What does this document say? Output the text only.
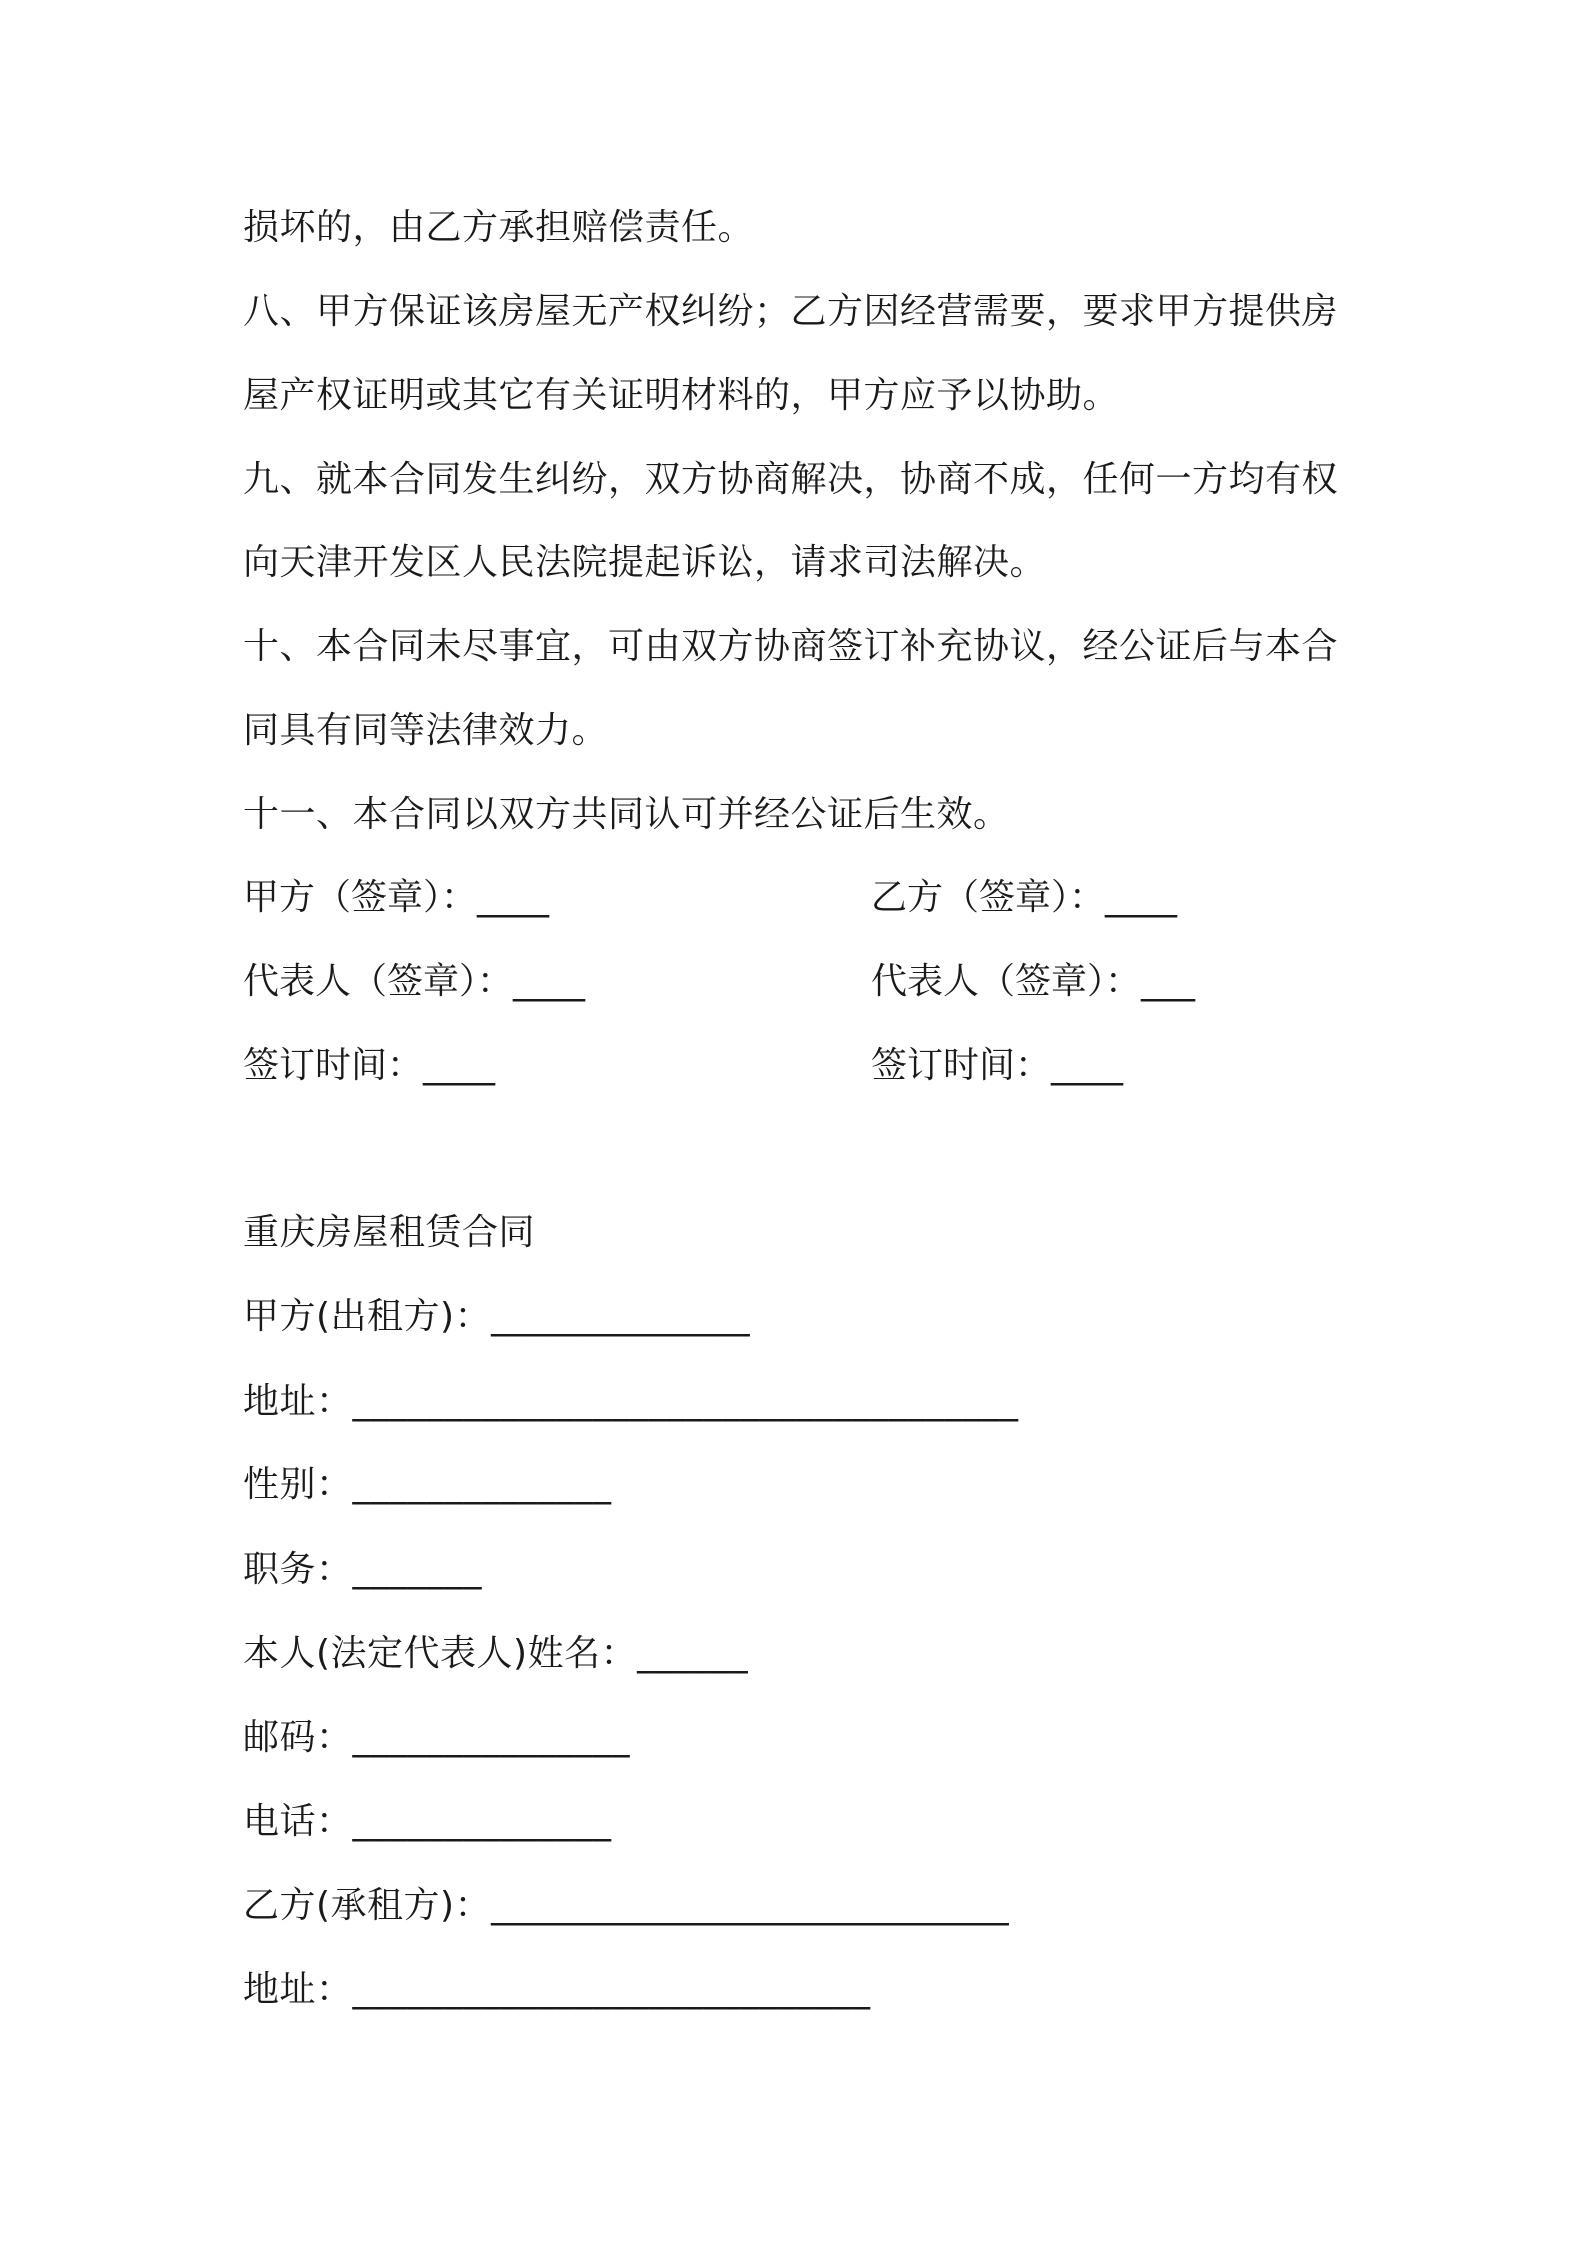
损坏的，由乙方承担赔偿责任。
八、甲方保证该房屋无产权纠纷；乙方因经营需要，要求甲方提供房
屋产权证明或其它有关证明材料的，甲方应予以协助。
九、就本合同发生纠纷，双方协商解决，协商不成，任何一方均有权
向天津开发区人民法院提起诉讼，请求司法解决。
十、本合同未尽事宜，可由双方协商签订补充协议，经公证后与本合
同具有同等法律效力。
十一、本合同以双方共同认可并经公证后生效。
甲方（签章）：____	乙方（签章）：____
代表人（签章）：____	代表人（签章）：___
签订时间：____	签订时间：____
重庆房屋租赁合同
甲方(出租方)：______________
地址：____________________________________
性别：______________
职务：_______
本人(法定代表人)姓名：______
邮码：_______________
电话：______________
乙方(承租方)：____________________________
地址：____________________________
